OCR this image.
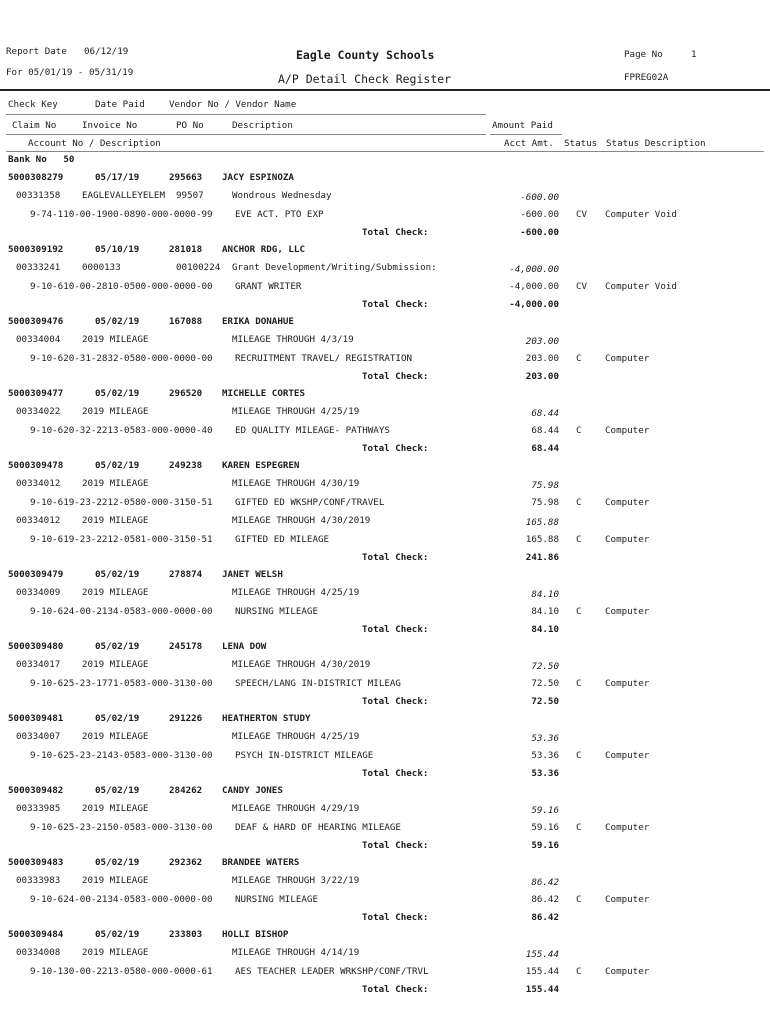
Report Date 06/12/19
For 05/01/19 - 05/31/19
Eagle County Schools
A/P Detail Check Register
Page No	1
FPREG02A
Check Key	Date Paid	Vendor No / Vendor Name
Claim No	Invoice No	PO No	Description	Amount Paid
Account No / Description	Acct Amt. Status Status Description
Bank No   50
5000308279	05/17/19	295663 JACY ESPINOZA
00331358 EAGLEVALLEYELEM 99507	Wondrous Wednesday	-600.00
9-74-110-00-1900-0890-000-0000-99 EVE ACT. PTO EXP	-600.00 CV Computer Void
Total Check:	-600.00
5000309192	05/10/19	281018 ANCHOR RDG, LLC
00333241 0000133	00100224 Grant Development/Writing/Submission:	-4,000.00
9-10-610-00-2810-0500-000-0000-00 GRANT WRITER	-4,000.00 CV Computer Void
Total Check:	-4,000.00
5000309476	05/02/19	167088 ERIKA DONAHUE
00334004 2019 MILEAGE	MILEAGE THROUGH 4/3/19	203.00
9-10-620-31-2832-0580-000-0000-00 RECRUITMENT TRAVEL/ REGISTRATION	203.00 C	Computer
Total Check:	203.00
5000309477	05/02/19	296520 MICHELLE CORTES
00334022 2019 MILEAGE	MILEAGE THROUGH 4/25/19	68.44
9-10-620-32-2213-0583-000-0000-40 ED QUALITY MILEAGE- PATHWAYS	68.44 C	Computer
Total Check:	68.44
5000309478	05/02/19	249238 KAREN ESPEGREN
00334012 2019 MILEAGE	MILEAGE THROUGH 4/30/19	75.98
9-10-619-23-2212-0580-000-3150-51 GIFTED ED WKSHP/CONF/TRAVEL	75.98 C	Computer
00334012 2019 MILEAGE	MILEAGE THROUGH 4/30/2019	165.88
9-10-619-23-2212-0581-000-3150-51 GIFTED ED MILEAGE	165.88 C	Computer
Total Check:	241.86
5000309479	05/02/19	278874 JANET WELSH
00334009 2019 MILEAGE	MILEAGE THROUGH 4/25/19	84.10
9-10-624-00-2134-0583-000-0000-00 NURSING MILEAGE	84.10 C	Computer
Total Check:	84.10
5000309480	05/02/19	245178 LENA DOW
00334017 2019 MILEAGE	MILEAGE THROUGH 4/30/2019	72.50
9-10-625-23-1771-0583-000-3130-00 SPEECH/LANG IN-DISTRICT MILEAG	72.50 C	Computer
Total Check:	72.50
5000309481	05/02/19	291226 HEATHERTON STUDY
00334007 2019 MILEAGE	MILEAGE THROUGH 4/25/19	53.36
9-10-625-23-2143-0583-000-3130-00 PSYCH IN-DISTRICT MILEAGE	53.36 C	Computer
Total Check:	53.36
5000309482	05/02/19	284262 CANDY JONES
00333985 2019 MILEAGE	MILEAGE THROUGH 4/29/19	59.16
9-10-625-23-2150-0583-000-3130-00 DEAF & HARD OF HEARING MILEAGE	59.16 C	Computer
Total Check:	59.16
5000309483	05/02/19	292362 BRANDEE WATERS
00333983 2019 MILEAGE	MILEAGE THROUGH 3/22/19	86.42
9-10-624-00-2134-0583-000-0000-00 NURSING MILEAGE	86.42 C	Computer
Total Check:	86.42
5000309484	05/02/19	233803 HOLLI BISHOP
00334008 2019 MILEAGE	MILEAGE THROUGH 4/14/19	155.44
9-10-130-00-2213-0580-000-0000-61 AES TEACHER LEADER WRKSHP/CONF/TRVL	155.44 C	Computer
Total Check:	155.44
